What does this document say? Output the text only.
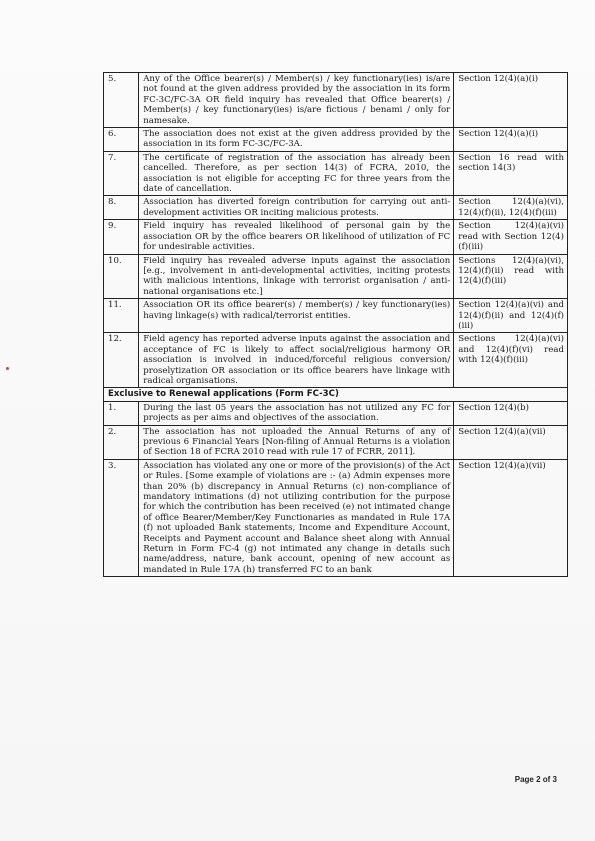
5.	Any of the Office bearer(s) / Member(s) / key functionary(ies) is/are not found at the given address provided by the association in its form FC-3C/FC-3A OR field inquiry has revealed that Office bearer(s) / Member(s) / key functionary(ies) is/are fictious / benami / only for namesake.	Section 12(4)(a)(i)
6.	The association does not exist at the given address provided by the association in its form FC-3C/FC-3A.	Section 12(4)(a)(i)
7.	The certificate of registration of the association has already been cancelled. Therefore, as per section 14(3) of FCRA, 2010, the association is not eligible for accepting FC for three years from the date of cancellation.	Section 16 read with section 14(3)
8.	Association has diverted foreign contribution for carrying out anti-development activities OR inciting malicious protests.	Section 12(4)(a)(vi), 12(4)(f)(ii), 12(4)(f)(iii)
9.	Field inquiry has revealed likelihood of personal gain by the association OR by the office bearers OR likelihood of utilization of FC for undesirable activities.	Section 12(4)(a)(vi) read with Section 12(4)(f)(iii)
10.	Field inquiry has revealed adverse inputs against the association [e.g., involvement in anti-developmental activities, inciting protests with malicious intentions, linkage with terrorist organisation / anti-national organisations etc.]	Sections 12(4)(a)(vi), 12(4)(f)(ii) read with 12(4)(f)(iii)
11.	Association OR its office bearer(s) / member(s) / key functionary(ies) having linkage(s) with radical/terrorist entities.	Section 12(4)(a)(vi) and 12(4)(f)(ii) and 12(4)(f)(iii)
12.	Field agency has reported adverse inputs against the association and acceptance of FC is likely to affect social/religious harmony OR association is involved in induced/forceful religious conversion/ proselytization OR association or its office bearers have linkage with radical organisations.	Sections 12(4)(a)(vi) and 12(4)(f)(vi) read with 12(4)(f)(iii)
Exclusive to Renewal applications (Form FC-3C)		
1.	During the last 05 years the association has not utilized any FC for projects as per aims and objectives of the association.	Section 12(4)(b)
2.	The association has not uploaded the Annual Returns of any of previous 6 Financial Years [Non-filing of Annual Returns is a violation of Section 18 of FCRA 2010 read with rule 17 of FCRR, 2011].	Section 12(4)(a)(vii)
3.	Association has violated any one or more of the provision(s) of the Act or Rules. [Some example of violations are :- (a) Admin expenses more than 20% (b) discrepancy in Annual Returns (c) non-compliance of mandatory intimations (d) not utilizing contribution for the purpose for which the contribution has been received (e) not intimated change of office Bearer/Member/Key Functionaries as mandated in Rule 17A (f) not uploaded Bank statements, Income and Expenditure Account, Receipts and Payment account and Balance sheet along with Annual Return in Form FC-4 (g) not intimated any change in details such name/address, nature, bank account, opening of new account as mandated in Rule 17A (h) transferred FC to an bank	Section 12(4)(a)(vii)
Page 2 of 3
